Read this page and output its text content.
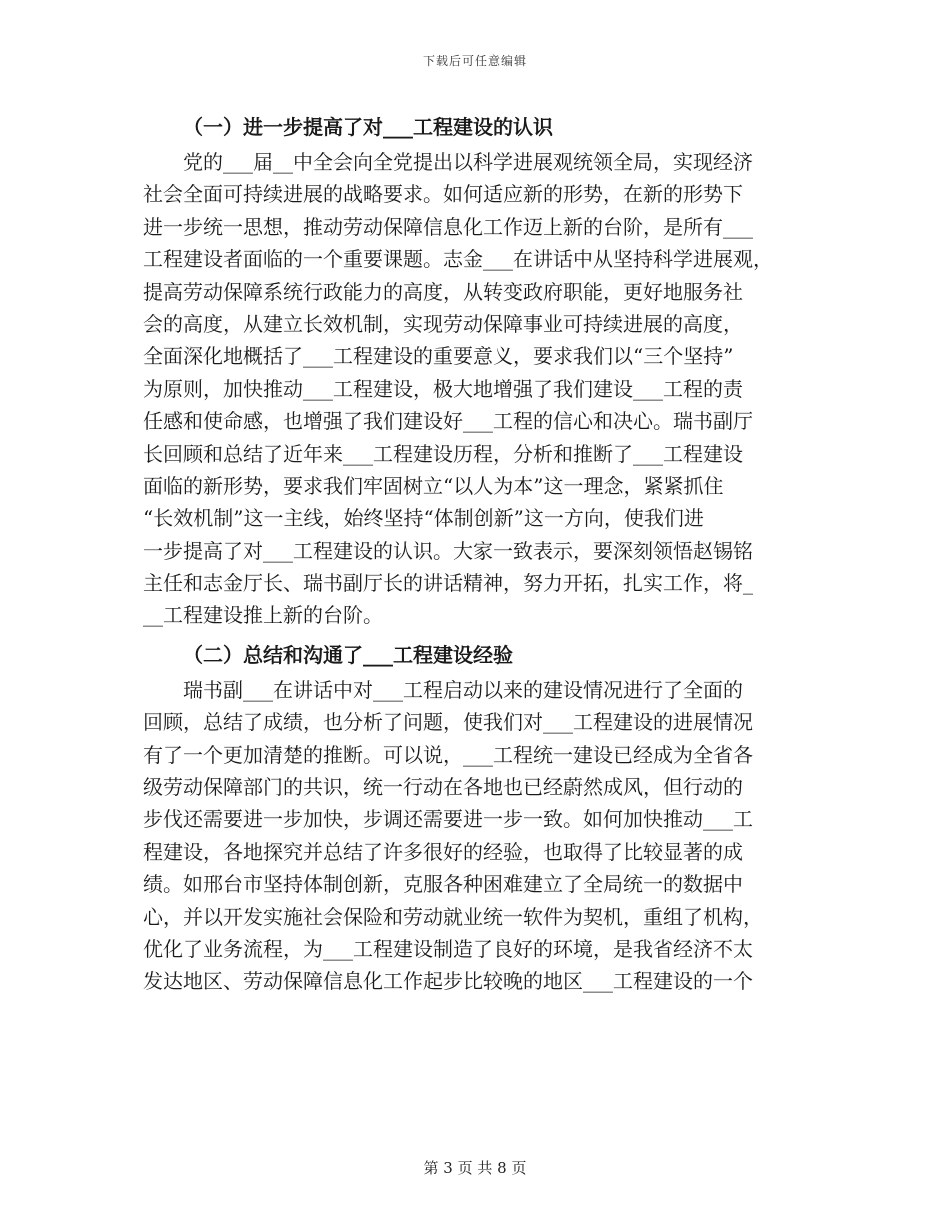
下载后可任意编辑
（一）进一步提高了对___工程建设的认识
党的___届__中全会向全党提出以科学进展观统领全局，实现经济
社会全面可持续进展的战略要求。如何适应新的形势，在新的形势下
进一步统一思想，推动劳动保障信息化工作迈上新的台阶，是所有___
工程建设者面临的一个重要课题。志金___在讲话中从坚持科学进展观，
提高劳动保障系统行政能力的高度，从转变政府职能，更好地服务社
会的高度，从建立长效机制，实现劳动保障事业可持续进展的高度，
全面深化地概括了___工程建设的重要意义，要求我们以“三个坚持”
为原则，加快推动___工程建设，极大地增强了我们建设___工程的责
任感和使命感，也增强了我们建设好___工程的信心和决心。瑞书副厅
长回顾和总结了近年来___工程建设历程，分析和推断了___工程建设
面临的新形势，要求我们牢固树立“以人为本”这一理念，紧紧抓住
“长效机制”这一主线，始终坚持“体制创新”这一方向，使我们进
一步提高了对___工程建设的认识。大家一致表示，要深刻领悟赵锡铭
主任和志金厅长、瑞书副厅长的讲话精神，努力开拓，扎实工作，将_
__工程建设推上新的台阶。
（二）总结和沟通了___工程建设经验
瑞书副___在讲话中对___工程启动以来的建设情况进行了全面的
回顾，总结了成绩，也分析了问题，使我们对___工程建设的进展情况
有了一个更加清楚的推断。可以说，___工程统一建设已经成为全省各
级劳动保障部门的共识，统一行动在各地也已经蔚然成风，但行动的
步伐还需要进一步加快，步调还需要进一步一致。如何加快推动___工
程建设，各地探究并总结了许多很好的经验，也取得了比较显著的成
绩。如邢台市坚持体制创新，克服各种困难建立了全局统一的数据中
心，并以开发实施社会保险和劳动就业统一软件为契机，重组了机构，
优化了业务流程，为___工程建设制造了良好的环境，是我省经济不太
发达地区、劳动保障信息化工作起步比较晚的地区___工程建设的一个
第 3 页 共 8 页
